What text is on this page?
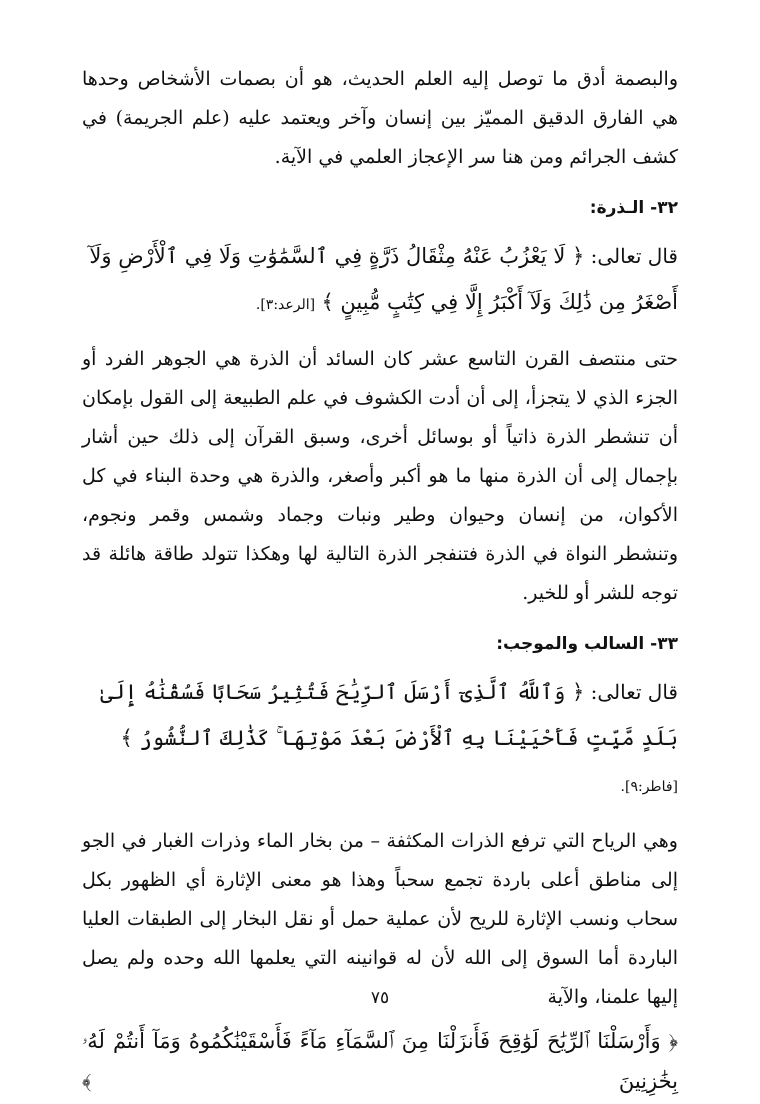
والبصمة أدق ما توصل إليه العلم الحديث، هو أن بصمات الأشخاص وحدها هي الفارق الدقيق المميّز بين إنسان وآخر ويعتمد عليه (علم الجريمة) في كشف الجرائم ومن هنا سر الإعجاز العلمي في الآية.

٣٢- الـذرة:

قال تعالى: ﴿ لَا يَعْزُبُ عَنْهُ مِثْقَالُ ذَرَّةٍ فِي ٱلسَّمَٰوَٰتِ وَلَا فِي ٱلْأَرْضِ وَلَآ أَصْغَرُ مِن ذَٰلِكَ وَلَآ أَكْبَرُ إِلَّا فِي كِتَٰبٍ مُّبِينٍ ﴾ [الرعد:٣].

حتى منتصف القرن التاسع عشر كان السائد أن الذرة هي الجوهر الفرد أو الجزء الذي لا يتجزأ، إلى أن أدت الكشوف في علم الطبيعة إلى القول بإمكان أن تنشطر الذرة ذاتياً أو بوسائل أخرى، وسبق القرآن إلى ذلك حين أشار بإجمال إلى أن الذرة منها ما هو أكبر وأصغر، والذرة هي وحدة البناء في كل الأكوان، من إنسان وحيوان وطير ونبات وجماد وشمس وقمر ونجوم، وتنشطر النواة في الذرة فتنفجر الذرة التالية لها وهكذا تتولد طاقة هائلة قد توجه للشر أو للخير.

٣٣- السالب والموجب:

قال تعالى: ﴿ وَٱللَّهُ ٱلَّذِىٓ أَرْسَلَ ٱلرِّيَٰحَ فَتُثِيرُ سَحَابًا فَسُقْنَٰهُ إِلَىٰ بَلَدٍ مَّيِّتٍ فَأَحْيَيْنَا بِهِ ٱلْأَرْضَ بَعْدَ مَوْتِهَا ۚ كَذَٰلِكَ ٱلنُّشُورُ ﴾ [فاطر:٩].

وهي الرياح التي ترفع الذرات المكثفة – من بخار الماء وذرات الغبار في الجو إلى مناطق أعلى باردة تجمع سحباً وهذا هو معنى الإثارة أي الظهور بكل سحاب ونسب الإثارة للريح لأن عملية حمل أو نقل البخار إلى الطبقات العليا الباردة أما السوق إلى الله لأن له قوانينه التي يعلمها الله وحده ولم يصل إليها علمنا، والآية

﴿ وَأَرْسَلْنَا ٱلرِّيَٰحَ لَوَٰقِحَ فَأَنزَلْنَا مِنَ ٱلسَّمَآءِ مَآءً فَأَسْقَيْنَٰكُمُوهُ وَمَآ أَنتُمْ لَهُۥ بِخَٰزِنِينَ ﴾

٧٥
